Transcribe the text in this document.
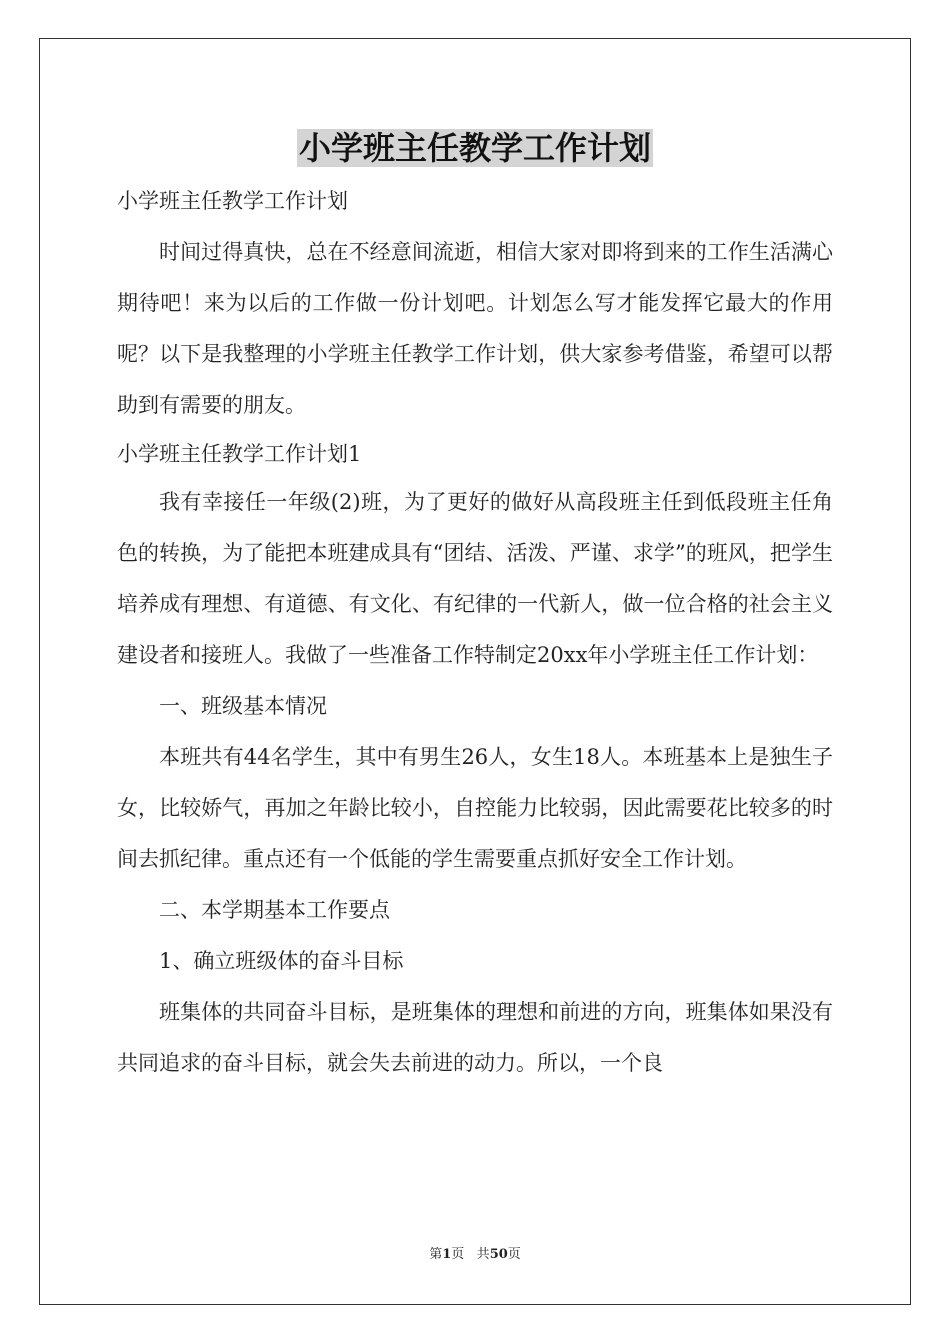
小学班主任教学工作计划

小学班主任教学工作计划

时间过得真快，总在不经意间流逝，相信大家对即将到来的工作生活满心期待吧！来为以后的工作做一份计划吧。计划怎么写才能发挥它最大的作用呢？以下是我整理的小学班主任教学工作计划，供大家参考借鉴，希望可以帮助到有需要的朋友。

小学班主任教学工作计划1

我有幸接任一年级(2)班，为了更好的做好从高段班主任到低段班主任角色的转换，为了能把本班建成具有“团结、活泼、严谨、求学”的班风，把学生培养成有理想、有道德、有文化、有纪律的一代新人，做一位合格的社会主义建设者和接班人。我做了一些准备工作特制定20xx年小学班主任工作计划：

一、班级基本情况

本班共有44名学生，其中有男生26人，女生18人。本班基本上是独生子女，比较娇气，再加之年龄比较小，自控能力比较弱，因此需要花比较多的时间去抓纪律。重点还有一个低能的学生需要重点抓好安全工作计划。

二、本学期基本工作要点

1、确立班级体的奋斗目标

班集体的共同奋斗目标，是班集体的理想和前进的方向，班集体如果没有共同追求的奋斗目标，就会失去前进的动力。所以，一个良

第1页 共50页
